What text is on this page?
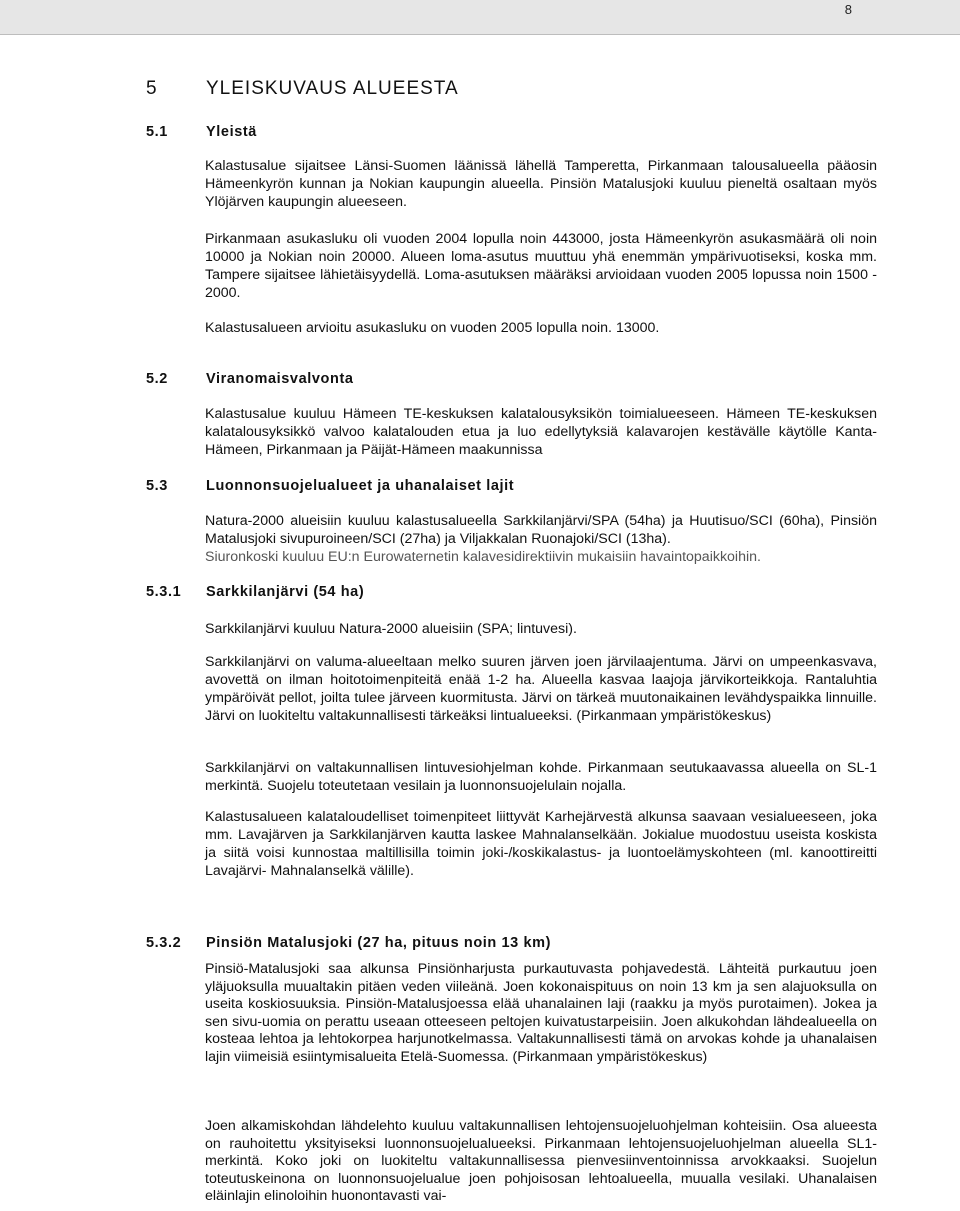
8
5	YLEISKUVAUS ALUEESTA
5.1	Yleistä
Kalastusalue sijaitsee Länsi-Suomen läänissä lähellä Tamperetta, Pirkanmaan talousalueella pääosin Hämeenkyrön kunnan ja Nokian kaupungin alueella. Pinsiön Matalusjoki kuuluu pieneltä osaltaan myös Ylöjärven kaupungin alueeseen.
Pirkanmaan asukasluku oli vuoden 2004 lopulla noin 443000, josta Hämeenkyrön asukasmäärä oli noin 10000 ja Nokian noin 20000. Alueen loma-asutus muuttuu yhä enemmän ympärivuotiseksi, koska mm. Tampere sijaitsee lähietäisyydellä. Loma-asutuksen määräksi arvioidaan vuoden 2005 lopussa noin 1500 - 2000.
Kalastusalueen arvioitu asukasluku on vuoden 2005 lopulla noin. 13000.
5.2	Viranomaisvalvonta
Kalastusalue kuuluu Hämeen TE-keskuksen kalatalousyksikön toimialueeseen. Hämeen TE-keskuksen kalatalousyksikkö valvoo kalatalouden etua ja luo edellytyksiä kalavarojen kestävälle käytölle Kanta-Hämeen, Pirkanmaan ja Päijät-Hämeen maakunnissa
5.3	Luonnonsuojelualueet ja uhanalaiset lajit
Natura-2000 alueisiin kuuluu kalastusalueella Sarkkilanjärvi/SPA (54ha) ja Huutisuo/SCI (60ha), Pinsiön Matalusjoki sivupuroineen/SCI (27ha) ja Viljakkalan Ruonajoki/SCI (13ha).
Siuronkoski kuuluu EU:n Eurowaternetin kalavesidirektiivin mukaisiin havaintopaikkoihin.
5.3.1 Sarkkilanjärvi (54 ha)
Sarkkilanjärvi kuuluu Natura-2000 alueisiin (SPA; lintuvesi).
Sarkkilanjärvi on valuma-alueeltaan melko suuren järven joen järvilaajentuma. Järvi on umpeenkasvava, avovettä on ilman hoitotoimenpiteitä enää 1-2 ha. Alueella kasvaa laajoja järvikorteikkoja. Rantaluhtia ympäröivät pellot, joilta tulee järveen kuormitusta. Järvi on tärkeä muutonaikainen levähdyspaikka linnuille. Järvi on luokiteltu valtakunnallisesti tärkeäksi lintualueeksi. (Pirkanmaan ympäristökeskus)
Sarkkilanjärvi on valtakunnallisen lintuvesiohjelman kohde. Pirkanmaan seutukaavassa alueella on SL-1 merkintä. Suojelu toteutetaan vesilain ja luonnonsuojelulain nojalla.
Kalastusalueen kalataloudelliset toimenpiteet liittyvät Karhejärvestä alkunsa saavaan vesialueeseen, joka mm. Lavajärven ja Sarkkilanjärven kautta laskee Mahnalanselkään. Jokialue muodostuu useista koskista ja siitä voisi kunnostaa maltillisilla toimin joki-/koskikalastus- ja luontoelämyskohteen (ml. kanoottireitti Lavajärvi- Mahnalanselkä välille).
5.3.2 Pinsiön Matalusjoki (27 ha, pituus noin 13 km)
Pinsiö-Matalusjoki saa alkunsa Pinsiönharjusta purkautuvasta pohjavedestä. Lähteitä purkautuu joen yläjuoksulla muualtakin pitäen veden viileänä. Joen kokonaispituus on noin 13 km ja sen alajuoksulla on useita koskiosuuksia. Pinsiön-Matalusjoessa elää uhanalainen laji (raakku ja myös purotaimen). Jokea ja sen sivu-uomia on perattu useaan otteeseen peltojen kuivatustarpeisiin. Joen alkukohdan lähdealueella on kosteaa lehtoa ja lehtokorpea harjunotkelmassa. Valtakunnallisesti tämä on arvokas kohde ja uhanalaisen lajin viimeisiä esiintymisalueita Etelä-Suomessa. (Pirkanmaan ympäristökeskus)
Joen alkamiskohdan lähdelehto kuuluu valtakunnallisen lehtojensuojeluohjelman kohteisiin. Osa alueesta on rauhoitettu yksityiseksi luonnonsuojelualueeksi. Pirkanmaan lehtojensuojeluohjelman alueella SL1-merkintä. Koko joki on luokiteltu valtakunnallisessa pienvesiinventoinnissa arvokkaaksi. Suojelun toteutuskeinona on luonnonsuojelualue joen pohjoisosan lehtoalueella, muualla vesilaki. Uhanalaisen eläinlajin elinoloihin huonontavasti vai-
